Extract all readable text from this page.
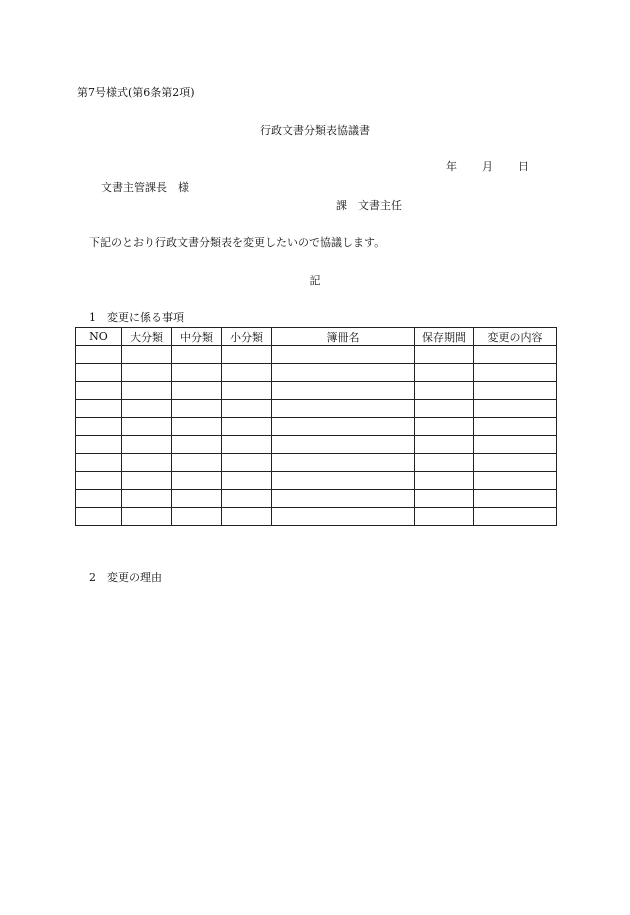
第7号様式(第6条第2項)
行政文書分類表協議書
年 月 日
文書主管課長　様
課　文書主任
下記のとおり行政文書分類表を変更したいので協議します。
記
1　変更に係る事項
NO	大分類	中分類	小分類	簿冊名	保存期間	変更の内容

2　変更の理由
